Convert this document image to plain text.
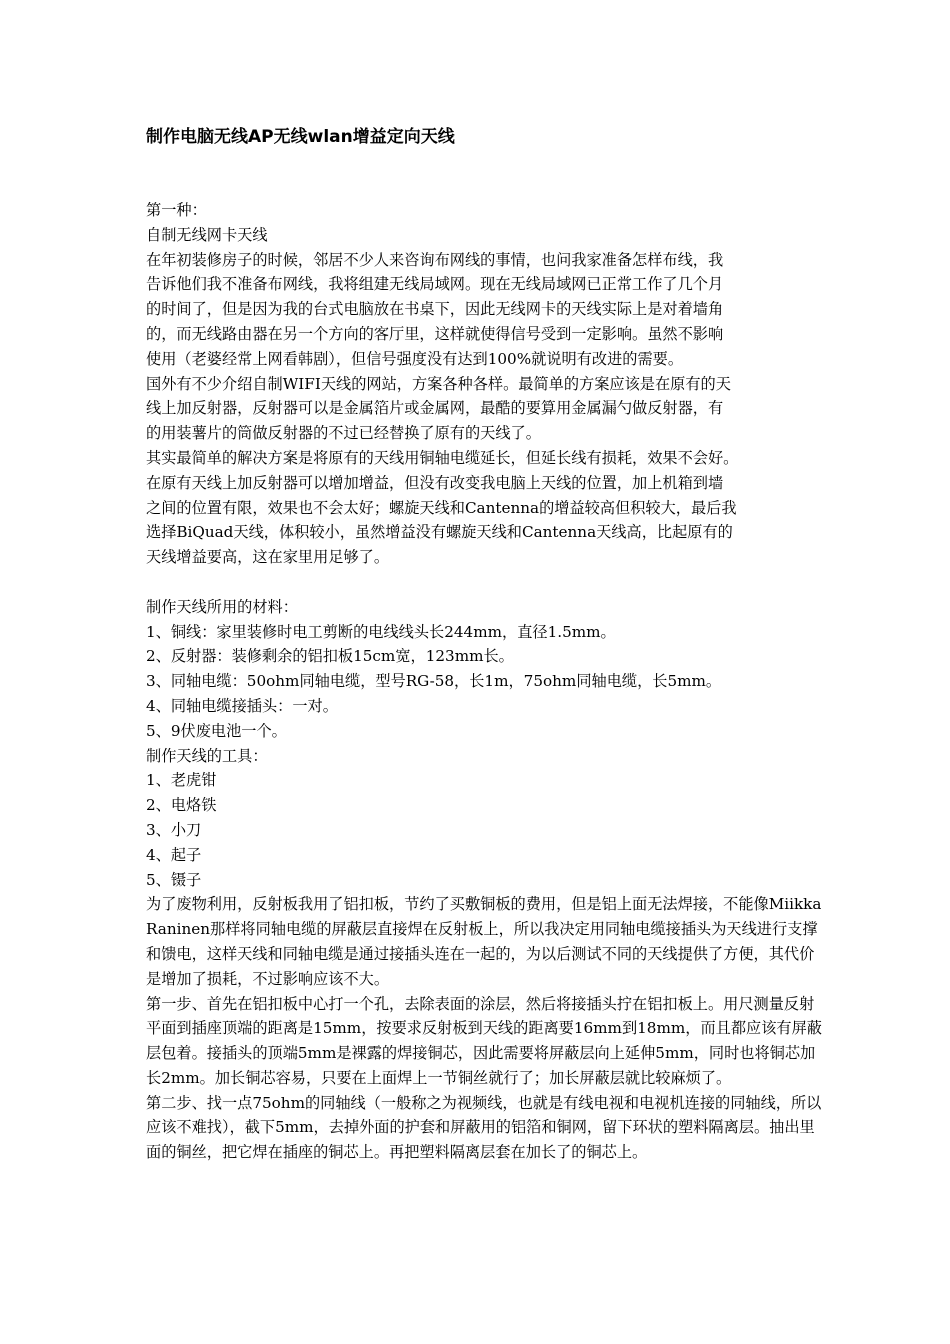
制作电脑无线AP无线wlan增益定向天线

第一种：

自制无线网卡天线

在年初装修房子的时候，邻居不少人来咨询布网线的事情，也问我家准备怎样布线，我

告诉他们我不准备布网线，我将组建无线局域网。现在无线局域网已正常工作了几个月

的时间了，但是因为我的台式电脑放在书桌下，因此无线网卡的天线实际上是对着墙角

的，而无线路由器在另一个方向的客厅里，这样就使得信号受到一定影响。虽然不影响

使用（老婆经常上网看韩剧），但信号强度没有达到100%就说明有改进的需要。

国外有不少介绍自制WIFI天线的网站，方案各种各样。最简单的方案应该是在原有的天

线上加反射器，反射器可以是金属箔片或金属网，最酷的要算用金属漏勺做反射器，有

的用装薯片的筒做反射器的不过已经替换了原有的天线了。

其实最简单的解决方案是将原有的天线用铜轴电缆延长，但延长线有损耗，效果不会好。

在原有天线上加反射器可以增加增益，但没有改变我电脑上天线的位置，加上机箱到墙

之间的位置有限，效果也不会太好；螺旋天线和Cantenna的增益较高但积较大，最后我

选择BiQuad天线，体积较小，虽然增益没有螺旋天线和Cantenna天线高，比起原有的

天线增益要高，这在家里用足够了。

制作天线所用的材料：

1、铜线：家里装修时电工剪断的电线线头长244mm，直径1.5mm。

2、反射器：装修剩余的铝扣板15cm宽，123mm长。

3、同轴电缆：50ohm同轴电缆，型号RG-58，长1m，75ohm同轴电缆，长5mm。

4、同轴电缆接插头：一对。

5、9伏废电池一个。

制作天线的工具：

1、老虎钳

2、电烙铁

3、小刀

4、起子

5、镊子

为了废物利用，反射板我用了铝扣板，节约了买敷铜板的费用，但是铝上面无法焊接，不能像Miikka Raninen那样将同轴电缆的屏蔽层直接焊在反射板上，所以我决定用同轴电缆接插头为天线进行支撑和馈电，这样天线和同轴电缆是通过接插头连在一起的，为以后测试不同的天线提供了方便，其代价是增加了损耗，不过影响应该不大。

第一步、首先在铝扣板中心打一个孔，去除表面的涂层，然后将接插头拧在铝扣板上。用尺测量反射平面到插座顶端的距离是15mm，按要求反射板到天线的距离要16mm到18mm，而且都应该有屏蔽层包着。接插头的顶端5mm是裸露的焊接铜芯，因此需要将屏蔽层向上延伸5mm，同时也将铜芯加长2mm。加长铜芯容易，只要在上面焊上一节铜丝就行了；加长屏蔽层就比较麻烦了。

第二步、找一点75ohm的同轴线（一般称之为视频线，也就是有线电视和电视机连接的同轴线，所以应该不难找），截下5mm，去掉外面的护套和屏蔽用的铝箔和铜网，留下环状的塑料隔离层。抽出里面的铜丝，把它焊在插座的铜芯上。再把塑料隔离层套在加长了的铜芯上。
